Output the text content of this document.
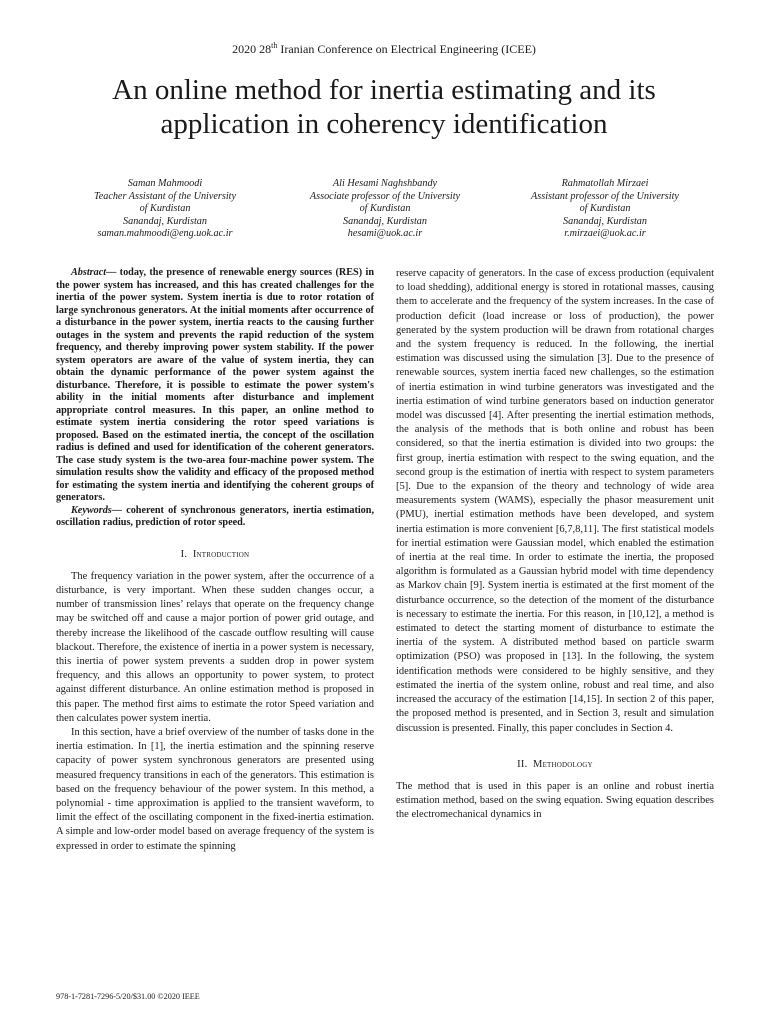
2020 28th Iranian Conference on Electrical Engineering (ICEE)
An online method for inertia estimating and its
application in coherency identification
Saman Mahmoodi
Teacher Assistant of the University
of Kurdistan
Sanandaj, Kurdistan
saman.mahmoodi@eng.uok.ac.ir
Ali Hesami Naghshbandy
Associate professor of the University
of Kurdistan
Sanandaj, Kurdistan
hesami@uok.ac.ir
Rahmatollah Mirzaei
Assistant professor of the University
of Kurdistan
Sanandaj, Kurdistan
r.mirzaei@uok.ac.ir

Abstract— today, the presence of renewable energy sources (RES) in the power system has increased, and this has created challenges for the inertia of the power system. System inertia is due to rotor rotation of large synchronous generators. At the initial moments after occurrence of a disturbance in the power system, inertia reacts to the causing further outages in the system and prevents the rapid reduction of the system frequency, and thereby improving power system stability. If the power system operators are aware of the value of system inertia, they can obtain the dynamic performance of the power system against the disturbance. Therefore, it is possible to estimate the power system's ability in the initial moments after disturbance and implement appropriate control measures. In this paper, an online method to estimate system inertia considering the rotor speed variations is proposed. Based on the estimated inertia, the concept of the oscillation radius is defined and used for identification of the coherent generators. The case study system is the two-area four-machine power system. The simulation results show the validity and efficacy of the proposed method for estimating the system inertia and identifying the coherent groups of generators.

Keywords— coherent of synchronous generators, inertia estimation, oscillation radius, prediction of rotor speed.

I. Introduction

The frequency variation in the power system, after the occurrence of a disturbance, is very important. When these sudden changes occur, a number of transmission lines’ relays that operate on the frequency change may be switched off and cause a major portion of power grid outage, and thereby increase the likelihood of the cascade outflow resulting will cause blackout. Therefore, the existence of inertia in a power system is necessary, this inertia of power system prevents a sudden drop in power system frequency, and this allows an opportunity to power system, to protect against different disturbance. An online estimation method is proposed in this paper. The method first aims to estimate the rotor Speed variation and then calculates power system inertia.

In this section, have a brief overview of the number of tasks done in the inertia estimation. In [1], the inertia estimation and the spinning reserve capacity of power system synchronous generators are presented using measured frequency transitions in each of the generators. This estimation is based on the frequency behaviour of the power system. In this method, a polynomial - time approximation is applied to the transient waveform, to limit the effect of the oscillating component in the fixed-inertia estimation. A simple and low-order model based on average frequency of the system is expressed in order to estimate the spinning

reserve capacity of generators. In the case of excess production (equivalent to load shedding), additional energy is stored in rotational masses, causing them to accelerate and the frequency of the system increases. In the case of production deficit (load increase or loss of production), the power generated by the system production will be drawn from rotational charges and the system frequency is reduced. In the following, the inertial estimation was discussed using the simulation [3]. Due to the presence of renewable sources, system inertia faced new challenges, so the estimation of inertia estimation in wind turbine generators was investigated and the inertia estimation of wind turbine generators based on induction generator model was discussed [4]. After presenting the inertial estimation methods, the analysis of the methods that is both online and robust has been considered, so that the inertia estimation is divided into two groups: the first group, inertia estimation with respect to the swing equation, and the second group is the estimation of inertia with respect to system parameters [5]. Due to the expansion of the theory and technology of wide area measurements system (WAMS), especially the phasor measurement unit (PMU), inertial estimation methods have been developed, and system inertia estimation is more convenient [6,7,8,11]. The first statistical models for inertial estimation were Gaussian model, which enabled the estimation of inertia at the real time. In order to estimate the inertia, the proposed algorithm is formulated as a Gaussian hybrid model with time dependency as Markov chain [9]. System inertia is estimated at the first moment of the disturbance occurrence, so the detection of the moment of the disturbance is necessary to estimate the inertia. For this reason, in [10,12], a method is estimated to detect the starting moment of disturbance to estimate the inertia of the system. A distributed method based on particle swarm optimization (PSO) was proposed in [13]. In the following, the system identification methods were considered to be highly sensitive, and they estimated the inertia of the system online, robust and real time, and also increased the accuracy of the estimation [14,15]. In section 2 of this paper, the proposed method is presented, and in Section 3, result and simulation discussion is presented. Finally, this paper concludes in Section 4.

II. Methodology

The method that is used in this paper is an online and robust inertia estimation method, based on the swing equation. Swing equation describes the electromechanical dynamics in

978-1-7281-7296-5/20/$31.00 ©2020 IEEE
